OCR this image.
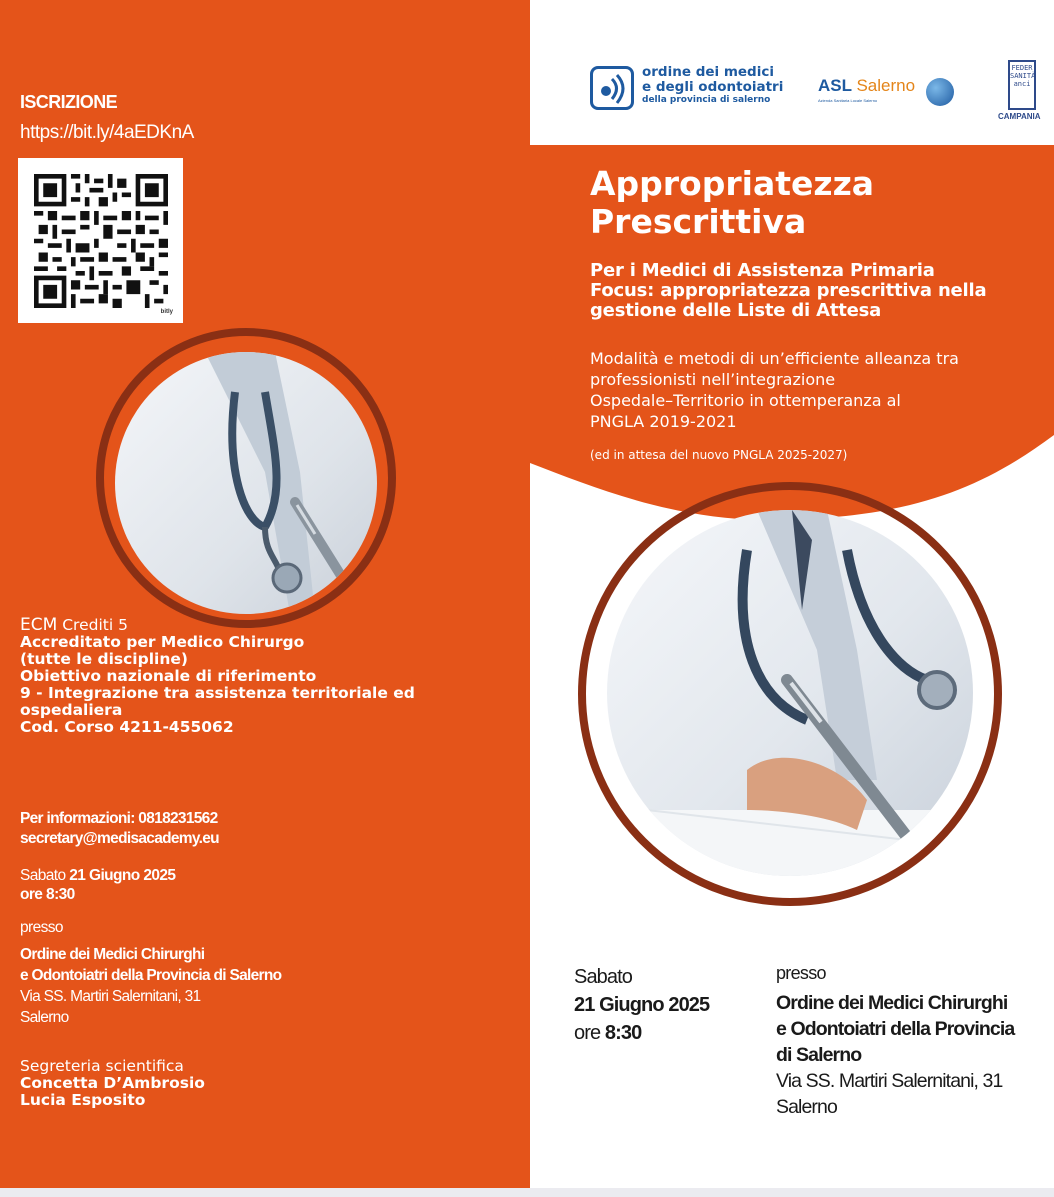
ISCRIZIONE
https://bit.ly/4aEDKnA
bitly
ECM Crediti 5
Accreditato per Medico Chirurgo
(tutte le discipline)
Obiettivo nazionale di riferimento
9 - Integrazione tra assistenza territoriale ed
ospedaliera
Cod. Corso 4211-455062
Per informazioni: 0818231562
secretary@medisacademy.eu
Sabato 21 Giugno 2025
ore 8:30
presso
Ordine dei Medici Chirurghi
e Odontoiatri della Provincia di Salerno
Via SS. Martiri Salernitani, 31
Salerno
Segreteria scientifica
Concetta D’Ambrosio
Lucia Esposito
ordine dei medici
e degli odontoiatri
della provincia di salerno
ASL Salerno
Azienda Sanitaria Locale Salerno
FEDER
SANITÀ
anci
CAMPANIA
Appropriatezza
Prescrittiva
Per i Medici di Assistenza Primaria
Focus: appropriatezza prescrittiva nella
gestione delle Liste di Attesa
Modalità e metodi di un’efficiente alleanza tra
professionisti nell’integrazione
Ospedale–Territorio in ottemperanza al
PNGLA 2019-2021
(ed in attesa del nuovo PNGLA 2025-2027)
Sabato
21 Giugno 2025
ore 8:30
presso
Ordine dei Medici Chirurghi
e Odontoiatri della Provincia
di Salerno
Via SS. Martiri Salernitani, 31
Salerno
